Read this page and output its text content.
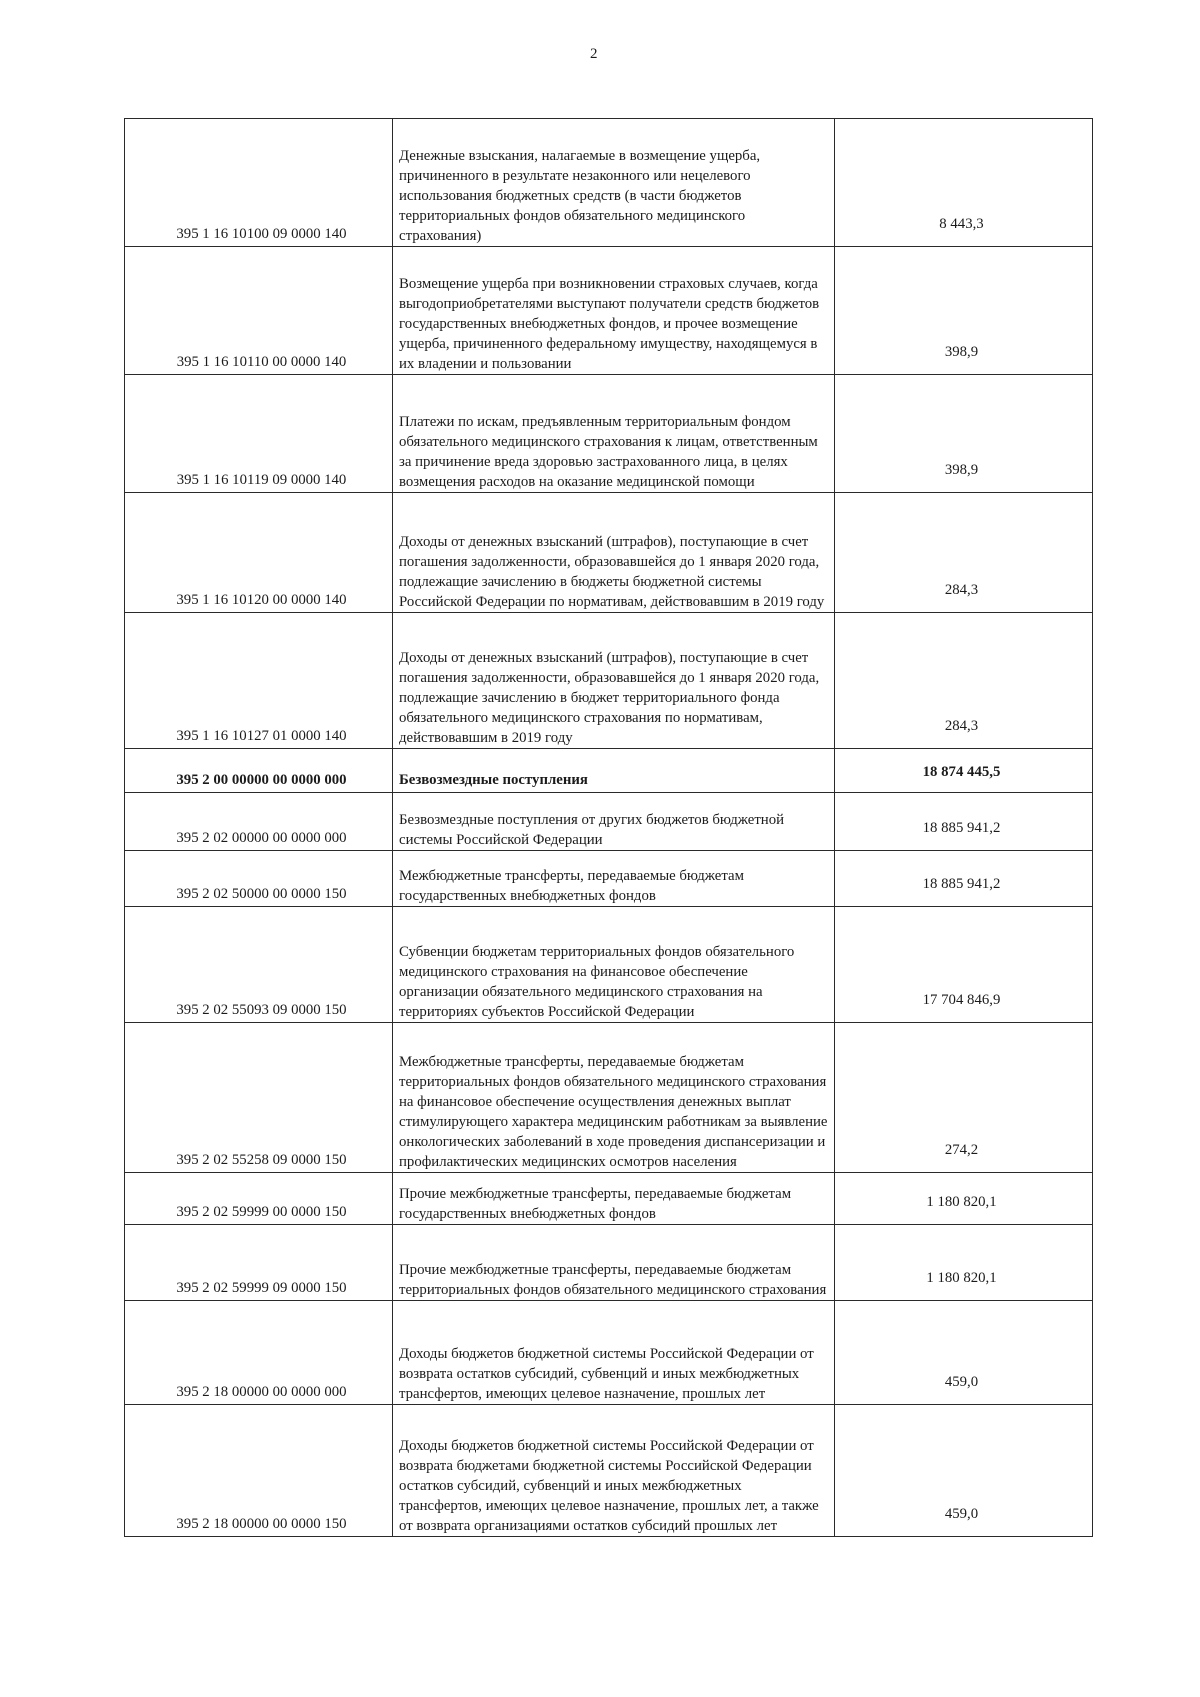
2
395 1 16 10100 09 0000 140	Денежные взыскания, налагаемые в возмещение ущерба, причиненного в результате незаконного или нецелевого использования бюджетных средств (в части бюджетов территориальных фондов обязательного медицинского страхования)	8 443,3
395 1 16 10110 00 0000 140	Возмещение ущерба при возникновении страховых случаев, когда выгодоприобретателями выступают получатели средств бюджетов государственных внебюджетных фондов, и прочее возмещение ущерба, причиненного федеральному имуществу, находящемуся в их владении и пользовании	398,9
395 1 16 10119 09 0000 140	Платежи по искам, предъявленным территориальным фондом обязательного медицинского страхования к лицам, ответственным за причинение вреда здоровью застрахованного лица, в целях возмещения расходов на оказание медицинской помощи	398,9
395 1 16 10120 00 0000 140	Доходы от денежных взысканий (штрафов), поступающие в счет погашения задолженности, образовавшейся до 1 января 2020 года, подлежащие зачислению в бюджеты бюджетной системы Российской Федерации по нормативам, действовавшим в 2019 году	284,3
395 1 16 10127 01 0000 140	Доходы от денежных взысканий (штрафов), поступающие в счет погашения задолженности, образовавшейся до 1 января 2020 года, подлежащие зачислению в бюджет территориального фонда обязательного медицинского страхования по нормативам, действовавшим в 2019 году	284,3
395 2 00 00000 00 0000 000	Безвозмездные поступления	18 874 445,5
395 2 02 00000 00 0000 000	Безвозмездные поступления от других бюджетов бюджетной системы Российской Федерации	18 885 941,2
395 2 02 50000 00 0000 150	Межбюджетные трансферты, передаваемые бюджетам государственных внебюджетных фондов	18 885 941,2
395 2 02 55093 09 0000 150	Субвенции бюджетам территориальных фондов обязательного медицинского страхования на финансовое обеспечение организации обязательного медицинского страхования на территориях субъектов Российской Федерации	17 704 846,9
395 2 02 55258 09 0000 150	Межбюджетные трансферты, передаваемые бюджетам территориальных фондов обязательного медицинского страхования на финансовое обеспечение осуществления денежных выплат стимулирующего характера медицинским работникам за выявление онкологических заболеваний в ходе проведения диспансеризации и профилактических медицинских осмотров населения	274,2
395 2 02 59999 00 0000 150	Прочие межбюджетные трансферты, передаваемые бюджетам государственных внебюджетных фондов	1 180 820,1
395 2 02 59999 09 0000 150	Прочие межбюджетные трансферты, передаваемые бюджетам территориальных фондов обязательного медицинского страхования	1 180 820,1
395 2 18 00000 00 0000 000	Доходы бюджетов бюджетной системы Российской Федерации от возврата остатков субсидий, субвенций и иных межбюджетных трансфертов, имеющих целевое назначение, прошлых лет	459,0
395 2 18 00000 00 0000 150	Доходы бюджетов бюджетной системы Российской Федерации от возврата бюджетами бюджетной системы Российской Федерации остатков субсидий, субвенций и иных межбюджетных трансфертов, имеющих целевое назначение, прошлых лет, а также от возврата организациями остатков субсидий прошлых лет	459,0
